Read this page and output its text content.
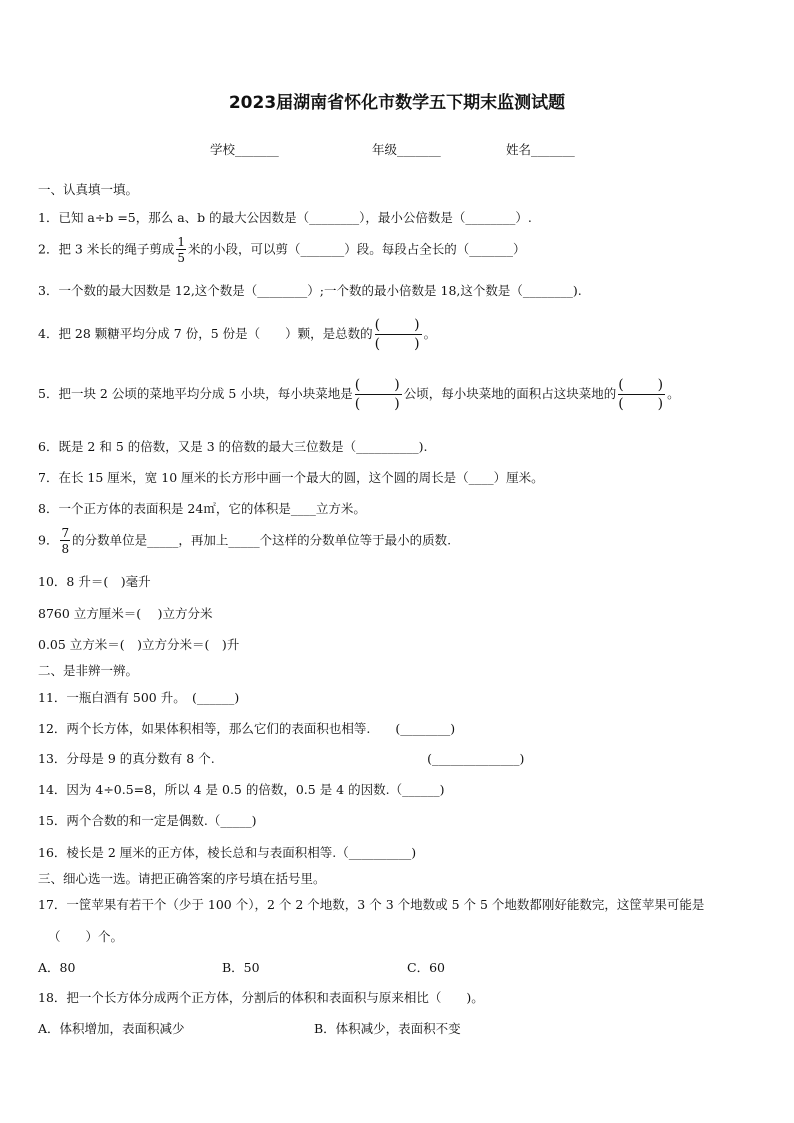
2023届湖南省怀化市数学五下期末监测试题
学校_______	年级_______	姓名_______
一、认真填一填。
1．已知 a÷b =5，那么 a、b 的最大公因数是（________），最小公倍数是（________）.
2．把 3 米长的绳子剪成 $\frac{1}{5}$ 米的小段，可以剪（_______）段。每段占全长的（_______）
3．一个数的最大因数是 12,这个数是（________）;一个数的最小倍数是 18,这个数是（________).
4．把 28 颗糖平均分成 7 份，5 份是（　　）颗，是总数的
(　　)
(　　)
。
5．把一块 2 公顷的菜地平均分成 5 小块，每小块菜地是
(　　)
(　　)
公顷，每小块菜地的面积占这块菜地的
(　　)
(　　)
。
6．既是 2 和 5 的倍数，又是 3 的倍数的最大三位数是（__________).
7．在长 15 厘米，宽 10 厘米的长方形中画一个最大的圆，这个圆的周长是（____）厘米。
8．一个正方体的表面积是 24㎡，它的体积是____立方米。
9． $\frac{7}{8}$ 的分数单位是_____，再加上_____个这样的分数单位等于最小的质数.
10．8 升＝(　)毫升
8760 立方厘米＝(　 )立方分米
0.05 立方米＝(　)立方分米＝(　)升
二、是非辨一辨。
11．一瓶白酒有 500 升。　(______)
12．两个长方体，如果体积相等，那么它们的表面积也相等.　　(________)
13．分母是 9 的真分数有 8 个.　　　　　　　　　　　　　　　　　(______________)
14．因为 4÷0.5=8，所以 4 是 0.5 的倍数，0.5 是 4 的因数.（______)
15．两个合数的和一定是偶数.（_____)
16．棱长是 2 厘米的正方体，棱长总和与表面积相等.（__________)
三、细心选一选。请把正确答案的序号填在括号里。
17．一筐苹果有若干个（少于 100 个），2 个 2 个地数，3 个 3 个地数或 5 个 5 个地数都刚好能数完，这筐苹果可能是
（　　）个。
A．80	B．50	C．60
18．把一个长方体分成两个正方体，分割后的体积和表面积与原来相比（　　)。
A．体积增加，表面积减少	B．体积减少，表面积不变
